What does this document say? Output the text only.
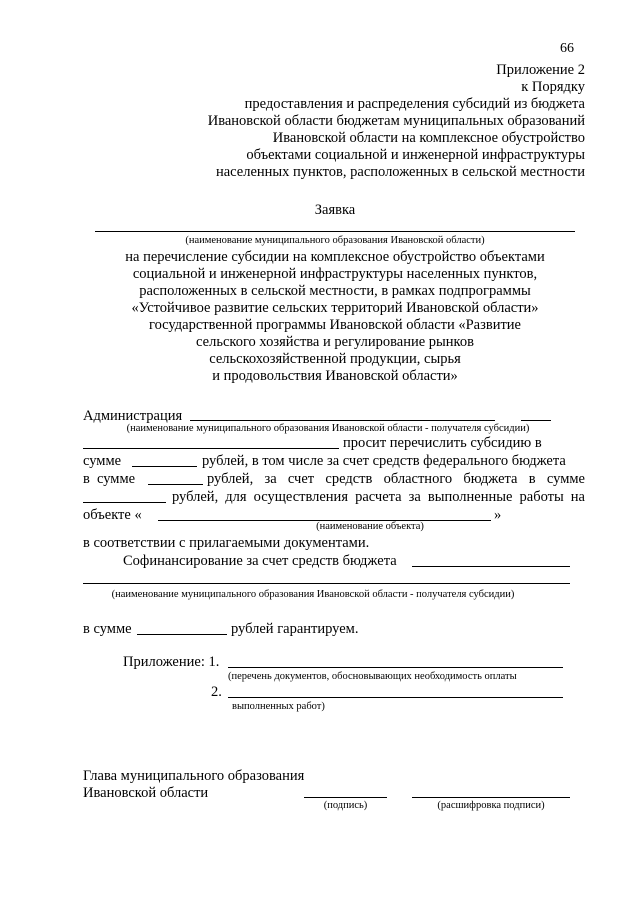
66
Приложение 2
к Порядку
предоставления и распределения субсидий из бюджета
Ивановской области бюджетам муниципальных образований
Ивановской области на комплексное обустройство
объектами социальной и инженерной инфраструктуры
населенных пунктов, расположенных в сельской местности
Заявка
(наименование муниципального образования Ивановской области)
на перечисление субсидии на комплексное обустройство объектами
социальной и инженерной инфраструктуры населенных пунктов,
расположенных в сельской местности, в рамках подпрограммы
«Устойчивое развитие сельских территорий Ивановской области»
государственной программы Ивановской области «Развитие
сельского хозяйства и регулирование рынков
сельскохозяйственной продукции, сырья
и продовольствия Ивановской области»
Администрация
(наименование муниципального образования Ивановской области - получателя субсидии)
просит перечислить субсидию в
сумме	рублей, в том числе за счет средств федерального бюджета
в сумме	рублей, за счет средств областного бюджета в сумме
рублей, для осуществления расчета за выполненные работы на
объекте «	»
(наименование объекта)
в соответствии с прилагаемыми документами.
Софинансирование за счет средств бюджета
(наименование муниципального образования Ивановской области - получателя субсидии)
в сумме	рублей гарантируем.
Приложение: 1.
(перечень документов, обосновывающих необходимость оплаты
2.
выполненных работ)
Глава муниципального образования
Ивановской области
(подпись)	(расшифровка подписи)
